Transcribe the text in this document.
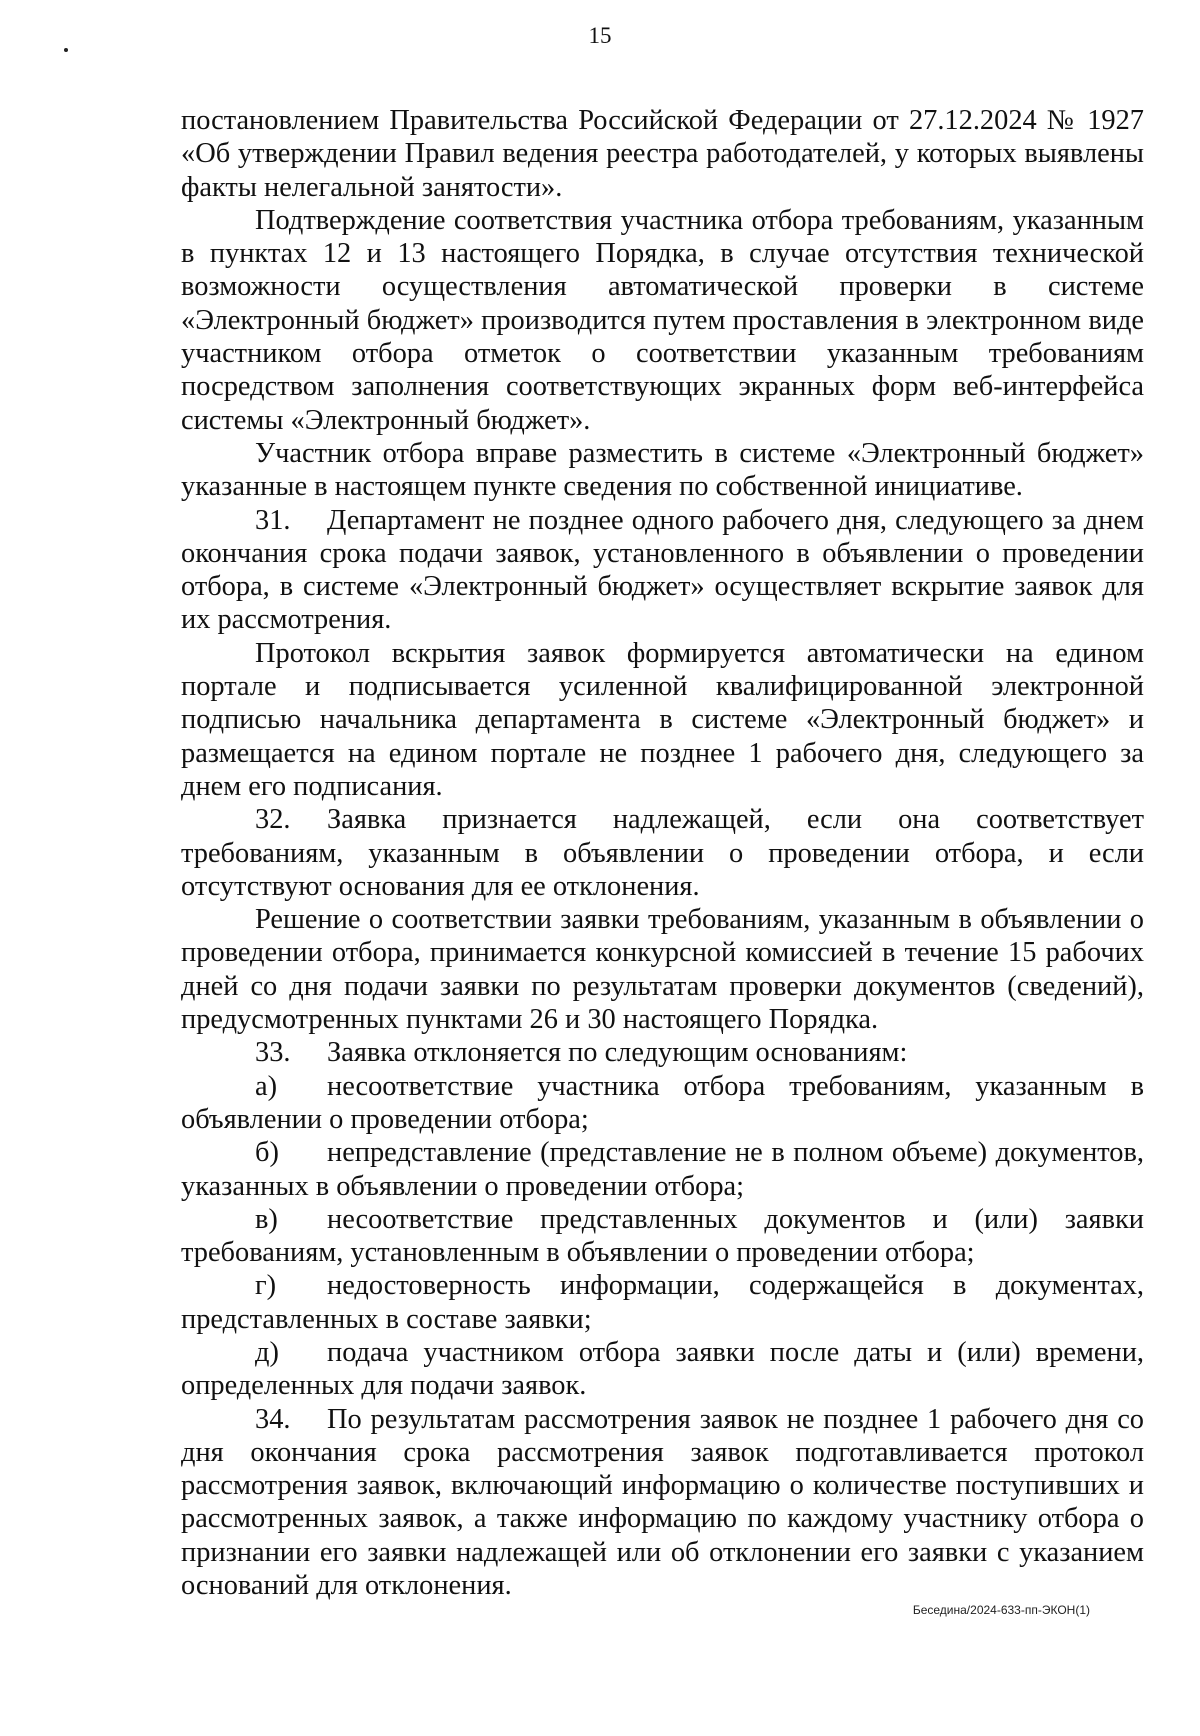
15

постановлением Правительства Российской Федерации от 27.12.2024 № 1927 «Об утверждении Правил ведения реестра работодателей, у которых выявлены факты нелегальной занятости».

Подтверждение соответствия участника отбора требованиям, указанным в пунктах 12 и 13 настоящего Порядка, в случае отсутствия технической возможности осуществления автоматической проверки в системе «Электронный бюджет» производится путем проставления в электронном виде участником отбора отметок о соответствии указанным требованиям посредством заполнения соответствующих экранных форм веб-интерфейса системы «Электронный бюджет».

Участник отбора вправе разместить в системе «Электронный бюджет» указанные в настоящем пункте сведения по собственной инициативе.

31. Департамент не позднее одного рабочего дня, следующего за днем окончания срока подачи заявок, установленного в объявлении о проведении отбора, в системе «Электронный бюджет» осуществляет вскрытие заявок для их рассмотрения.

Протокол вскрытия заявок формируется автоматически на едином портале и подписывается усиленной квалифицированной электронной подписью начальника департамента в системе «Электронный бюджет» и размещается на едином портале не позднее 1 рабочего дня, следующего за днем его подписания.

32. Заявка признается надлежащей, если она соответствует требованиям, указанным в объявлении о проведении отбора, и если отсутствуют основания для ее отклонения.

Решение о соответствии заявки требованиям, указанным в объявлении о проведении отбора, принимается конкурсной комиссией в течение 15 рабочих дней со дня подачи заявки по результатам проверки документов (сведений), предусмотренных пунктами 26 и 30 настоящего Порядка.

33. Заявка отклоняется по следующим основаниям:

а) несоответствие участника отбора требованиям, указанным в объявлении о проведении отбора;

б) непредставление (представление не в полном объеме) документов, указанных в объявлении о проведении отбора;

в) несоответствие представленных документов и (или) заявки требованиям, установленным в объявлении о проведении отбора;

г) недостоверность информации, содержащейся в документах, представленных в составе заявки;

д) подача участником отбора заявки после даты и (или) времени, определенных для подачи заявок.

34. По результатам рассмотрения заявок не позднее 1 рабочего дня со дня окончания срока рассмотрения заявок подготавливается протокол рассмотрения заявок, включающий информацию о количестве поступивших и рассмотренных заявок, а также информацию по каждому участнику отбора о признании его заявки надлежащей или об отклонении его заявки с указанием оснований для отклонения.

Беседина/2024-633-пп-ЭКОН(1)
